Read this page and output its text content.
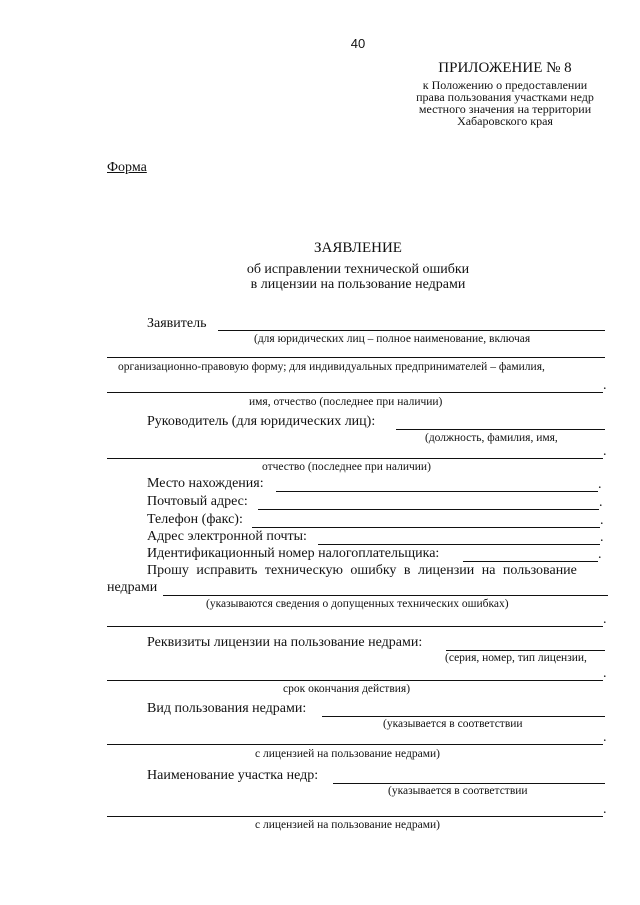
40
ПРИЛОЖЕНИЕ № 8
к Положению о предоставлении
права пользования участками недр
местного значения на территории
Хабаровского края
Форма
ЗАЯВЛЕНИЕ
об исправлении технической ошибки
в лицензии на пользование недрами
Заявитель
(для юридических лиц – полное наименование, включая
организационно-правовую форму; для индивидуальных предпринимателей – фамилия,
.
имя, отчество (последнее при наличии)
Руководитель (для юридических лиц):
(должность, фамилия, имя,
.
отчество (последнее при наличии)
Место нахождения:	.
Почтовый адрес:	.
Телефон (факс):	.
Адрес электронной почты:	.
Идентификационный номер налогоплательщика:	.
Прошу исправить техническую ошибку в лицензии на пользование
недрами
(указываются сведения о допущенных технических ошибках)
.
Реквизиты лицензии на пользование недрами:
(серия, номер, тип лицензии,
.
срок окончания действия)
Вид пользования недрами:
(указывается в соответствии
.
с лицензией на пользование недрами)
Наименование участка недр:
(указывается в соответствии
.
с лицензией на пользование недрами)
